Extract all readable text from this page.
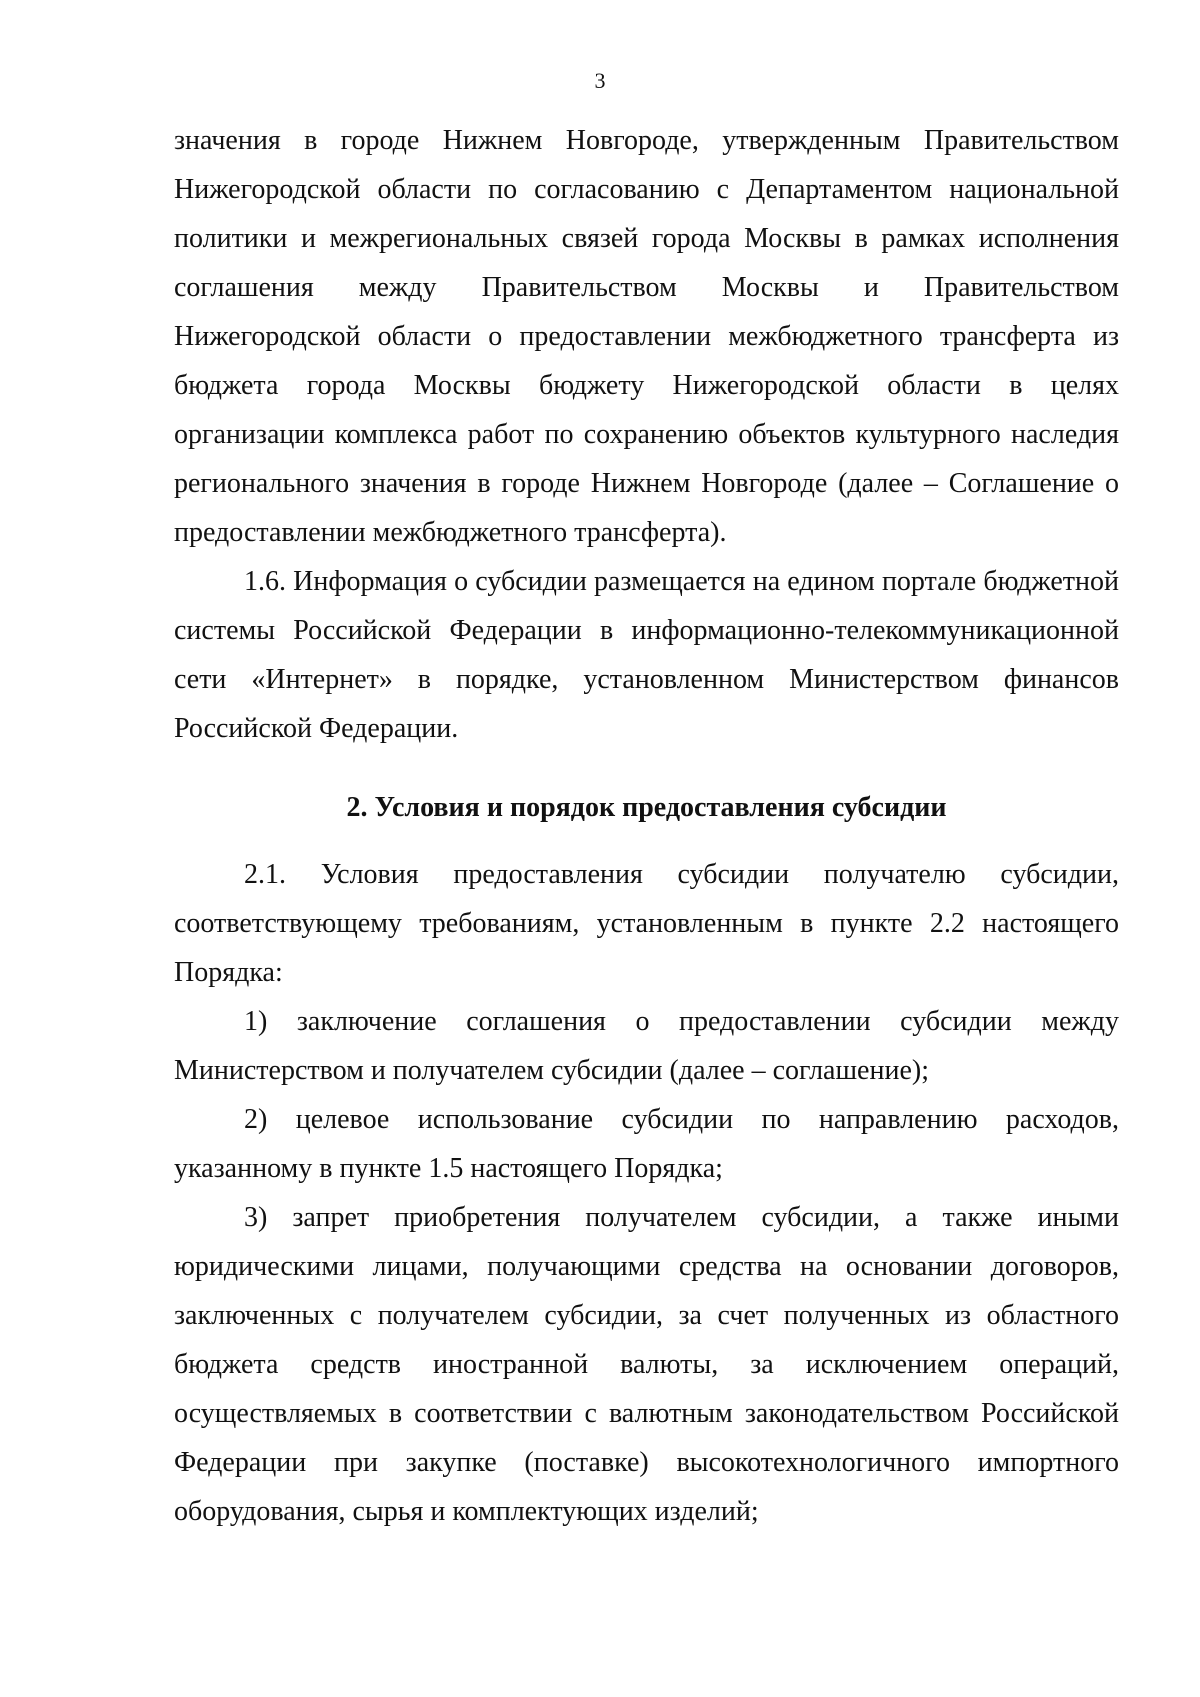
3

значения в городе Нижнем Новгороде, утвержденным Правительством Нижегородской области по согласованию с Департаментом национальной политики и межрегиональных связей города Москвы в рамках исполнения соглашения между Правительством Москвы и Правительством Нижегородской области о предоставлении межбюджетного трансферта из бюджета города Москвы бюджету Нижегородской области в целях организации комплекса работ по сохранению объектов культурного наследия регионального значения в городе Нижнем Новгороде (далее – Соглашение о предоставлении межбюджетного трансферта).

1.6. Информация о субсидии размещается на едином портале бюджетной системы Российской Федерации в информационно-телекоммуникационной сети «Интернет» в порядке, установленном Министерством финансов Российской Федерации.

2. Условия и порядок предоставления субсидии

2.1. Условия предоставления субсидии получателю субсидии, соответствующему требованиям, установленным в пункте 2.2 настоящего Порядка:

1) заключение соглашения о предоставлении субсидии между Министерством и получателем субсидии (далее – соглашение);

2) целевое использование субсидии по направлению расходов, указанному в пункте 1.5 настоящего Порядка;

3) запрет приобретения получателем субсидии, а также иными юридическими лицами, получающими средства на основании договоров, заключенных с получателем субсидии, за счет полученных из областного бюджета средств иностранной валюты, за исключением операций, осуществляемых в соответствии с валютным законодательством Российской Федерации при закупке (поставке) высокотехнологичного импортного оборудования, сырья и комплектующих изделий;
